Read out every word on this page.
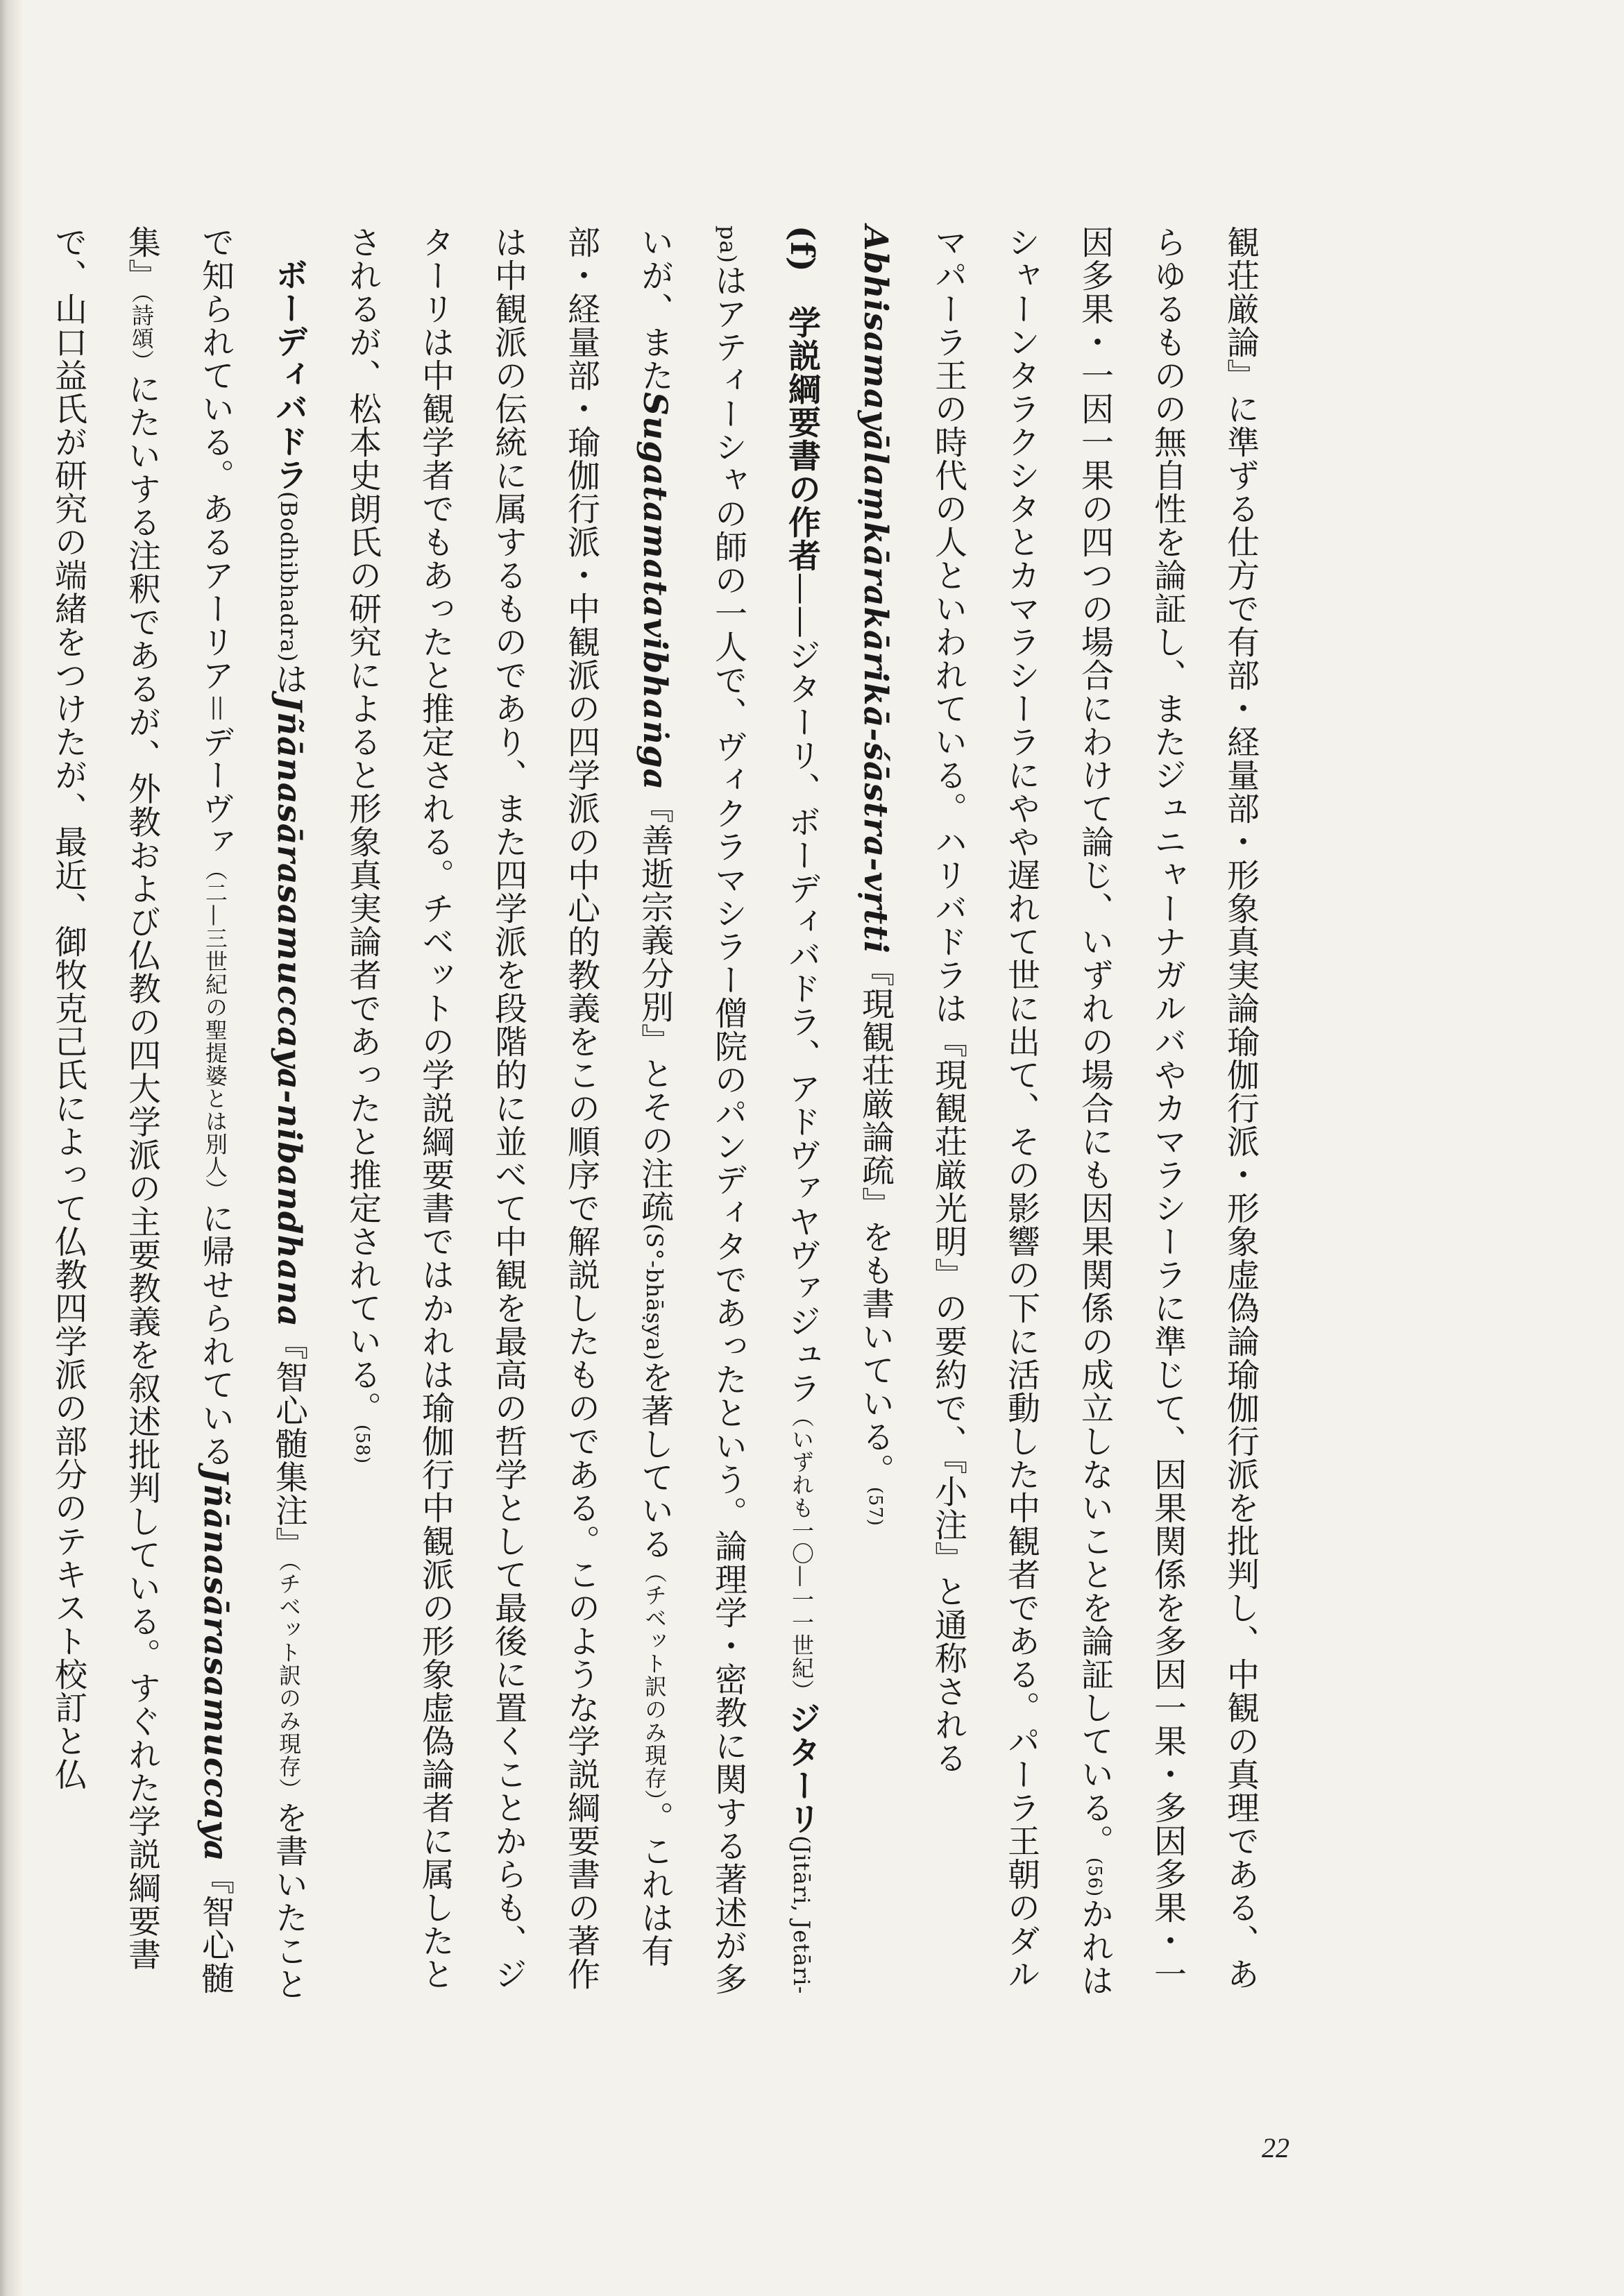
観荘厳論』に準ずる仕方で有部・経量部・形象真実論瑜伽行派・形象虚偽論瑜伽行派を批判し、中観の真理である、あらゆるものの無自性を論証し、またジュニャーナガルバやカマラシーラに準じて、因果関係を多因一果・多因多果・一因多果・一因一果の四つの場合にわけて論じ、いずれの場合にも因果関係の成立しないことを論証している。(56)かれはシャーンタラクシタとカマラシーラにやや遅れて世に出て、その影響の下に活動した中観者である。パーラ王朝のダルマパーラ王の時代の人といわれている。ハリバドラは『現観荘厳光明』の要約で、『小注』と通称されるAbhisamayālaṃkārakārikā-śāstra-vṛtti『現観荘厳論疏』をも書いている。(57)

(f)　学説綱要書の作者——ジターリ、ボーディバドラ、アドヴァヤヴァジュラ（いずれも一〇—一一世紀）ジターリ(Jitāri, Jetāri-pa)はアティーシャの師の一人で、ヴィクラマシラー僧院のパンディタであったという。論理学・密教に関する著述が多いが、またSugatamatavibhaṅga『善逝宗義分別』とその注疏(S°-bhāṣya)を著している（チベット訳のみ現存）。これは有部・経量部・瑜伽行派・中観派の四学派の中心的教義をこの順序で解説したものである。このような学説綱要書の著作は中観派の伝統に属するものであり、また四学派を段階的に並べて中観を最高の哲学として最後に置くことからも、ジターリは中観学者でもあったと推定される。チベットの学説綱要書ではかれは瑜伽行中観派の形象虚偽論者に属したとされるが、松本史朗氏の研究によると形象真実論者であったと推定されている。(58)

ボーディバドラ(Bodhibhadra)はJñānasārasamuccaya-nibandhana『智心髄集注』（チベット訳のみ現存）を書いたことで知られている。あるアーリア＝デーヴァ（二—三世紀の聖提婆とは別人）に帰せられているJñānasārasamuccaya『智心髄集』（詩頌）にたいする注釈であるが、外教および仏教の四大学派の主要教義を叙述批判している。すぐれた学説綱要書で、山口益氏が研究の端緒をつけたが、最近、御牧克己氏によって仏教四学派の部分のテキスト校訂と仏

22
